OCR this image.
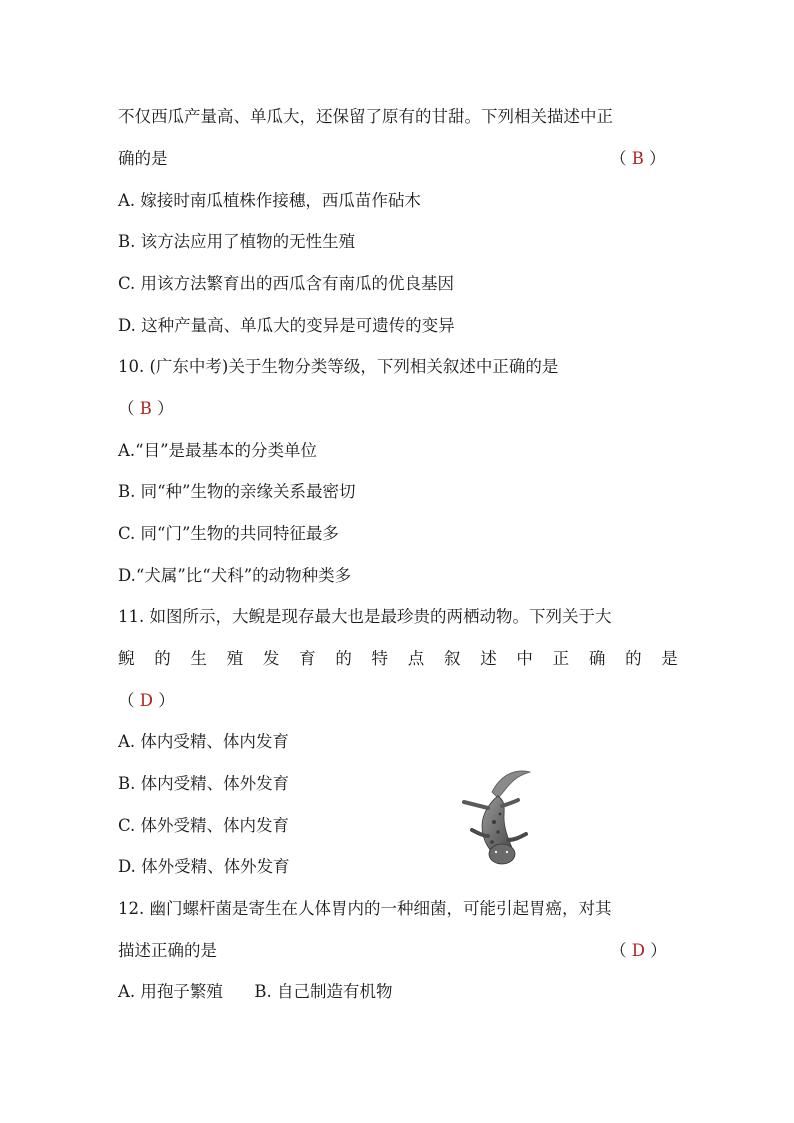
不仅西瓜产量高、单瓜大，还保留了原有的甘甜。下列相关描述中正
确的是	（ B ）
A. 嫁接时南瓜植株作接穗，西瓜苗作砧木
B. 该方法应用了植物的无性生殖
C. 用该方法繁育出的西瓜含有南瓜的优良基因
D. 这种产量高、单瓜大的变异是可遗传的变异
10. (广东中考)关于生物分类等级，下列相关叙述中正确的是
（ B ）
A.“目”是最基本的分类单位
B. 同“种”生物的亲缘关系最密切
C. 同“门”生物的共同特征最多
D.“犬属”比“犬科”的动物种类多
11. 如图所示，大鲵是现存最大也是最珍贵的两栖动物。下列关于大
鲵 的 生 殖 发 育 的 特 点 叙 述 中 正 确 的 是
（ D ）
A. 体内受精、体内发育
B. 体内受精、体外发育
C. 体外受精、体内发育
D. 体外受精、体外发育
12. 幽门螺杆菌是寄生在人体胃内的一种细菌，可能引起胃癌，对其
描述正确的是	（ D ）
A. 用孢子繁殖      B. 自己制造有机物
